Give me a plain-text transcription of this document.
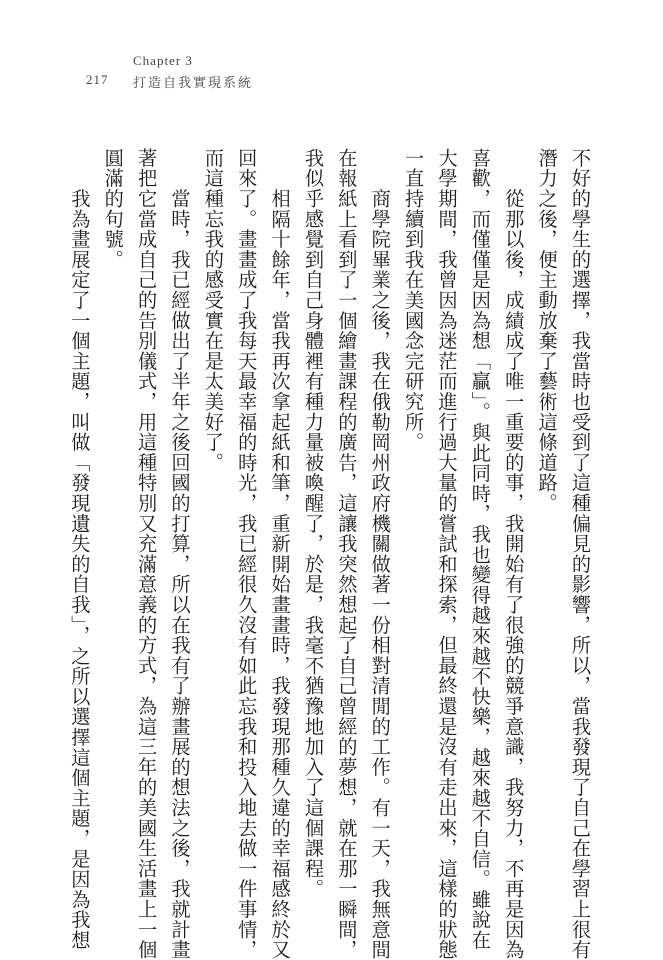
217
Chapter 3
打造自我實現系統
不好的學生的選擇，我當時也受到了這種偏見的影響，所以，當我發現了自己在學習上很有
潛力之後，便主動放棄了藝術這條道路。
　　從那以後，成績成了唯一重要的事，我開始有了很強的競爭意識，我努力，不再是因為
喜歡，而僅僅是因為想「贏」。與此同時，我也變得越來越不快樂，越來越不自信。雖說在
大學期間，我曾因為迷茫而進行過大量的嘗試和探索，但最終還是沒有走出來，這樣的狀態
一直持續到我在美國念完研究所。
　　商學院畢業之後，我在俄勒岡州政府機關做著一份相對清閒的工作。有一天，我無意間
在報紙上看到了一個繪畫課程的廣告，這讓我突然想起了自己曾經的夢想，就在那一瞬間，
我似乎感覺到自己身體裡有種力量被喚醒了，於是，我毫不猶豫地加入了這個課程。
　　相隔十餘年，當我再次拿起紙和筆，重新開始畫畫時，我發現那種久違的幸福感終於又
回來了。畫畫成了我每天最幸福的時光，我已經很久沒有如此忘我和投入地去做一件事情，
而這種忘我的感受實在是太美好了。
　　當時，我已經做出了半年之後回國的打算，所以在我有了辦畫展的想法之後，我就計畫
著把它當成自己的告別儀式，用這種特別又充滿意義的方式，為這三年的美國生活畫上一個
圓滿的句號。
　　我為畫展定了一個主題，叫做「發現遺失的自我」，之所以選擇這個主題，是因為我想
